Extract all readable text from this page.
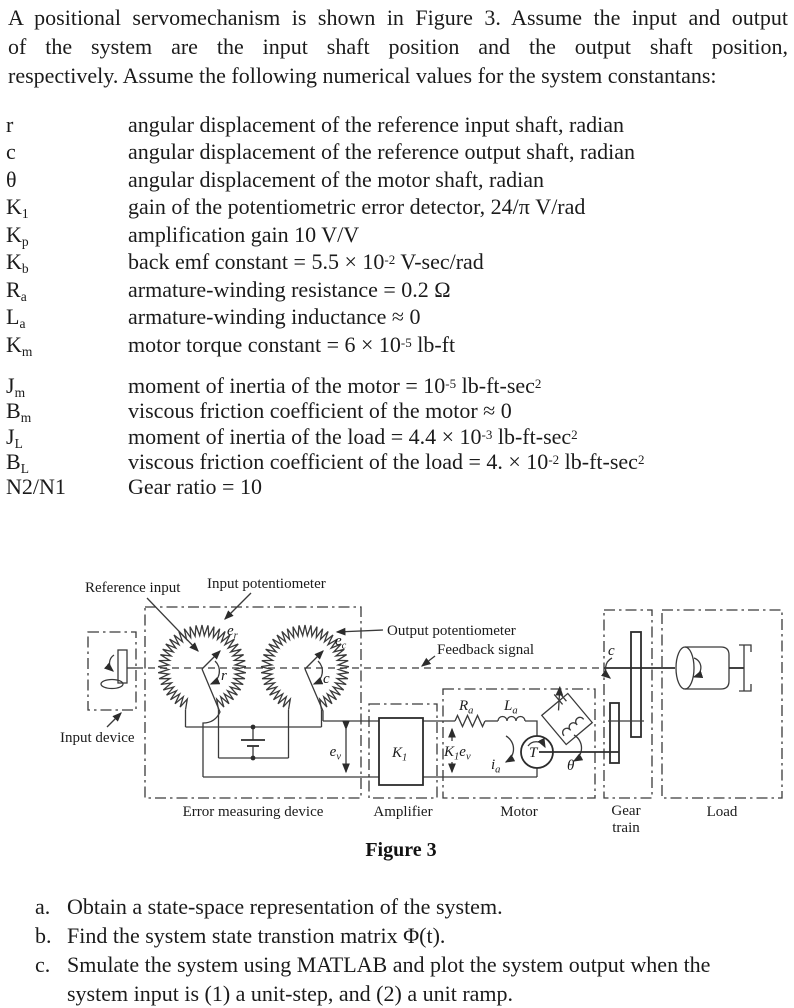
A positional servomechanism is shown in Figure 3. Assume the input and output
of the system are the input shaft position and the output shaft position,
respectively. Assume the following numerical values for the system constantans:
r	angular displacement of the reference input shaft, radian
c	angular displacement of the reference output shaft, radian
θ	angular displacement of the motor shaft, radian
$K_1$	gain of the potentiometric error detector, 24/π V/rad
$K_p$	amplification gain 10 V/V
$K_b$	back emf constant = $5.5 \times 10^{-2}$ V-sec/rad
$R_a$	armature-winding resistance = 0.2 Ω
$L_a$	armature-winding inductance ≈ 0
$K_m$	motor torque constant = $6 \times 10^{-5}$ lb-ft
$J_m$	moment of inertia of the motor = $10^{-5}$ $lb-ft-\sec^2$
$B_m$	viscous friction coefficient of the motor ≈ 0
$J_L$	moment of inertia of the load = $4.4 \times 10^{-3}$ $lb-ft-\sec^2$
$B_L$	viscous friction coefficient of the load = 4. × $10^{-2}$ $lb-ft-\sec^2$
N2/N1	Gear ratio = 10
Reference input Input potentiometer
Output potentiometer
Feedback signal
Input device
Error measuring device	Amplifier	Motor	Gear
train
Load
Figure 3
$e_r$	$e_c$
$e_v$
r	c
$K_1$ $K_1e_v$
$R_a$ $L_a$
$i_a$	θ
T
c
a. Obtain a state-space representation of the system.
b. Find the system state transtion matrix Φ(t).
c. Smulate the system using MATLAB and plot the system output when the
system input is (1) a unit-step, and (2) a unit ramp.
